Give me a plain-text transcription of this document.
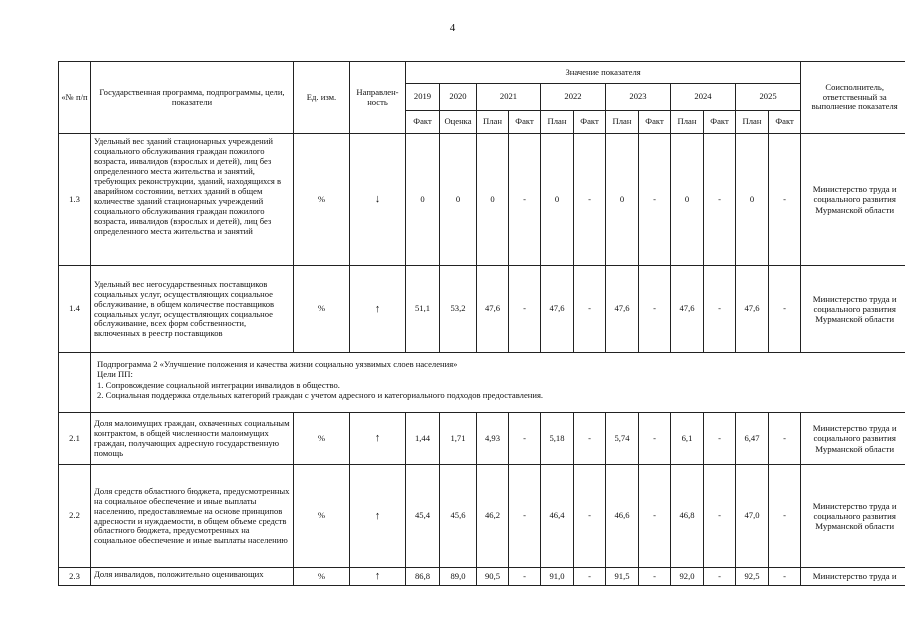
4
«№ п/п	Государственная программа, подпрограммы, цели, показатели	Ед. изм.	Направлен-ность	Значение показателя												Соисполнитель, ответственный за выполнение показателя
				2019	2020	2021		2022		2023		2024		2025		
				Факт	Оценка	План	Факт	План	Факт	План	Факт	План	Факт	План	Факт	
1.3	Удельный вес зданий стационарных учреждений социального обслуживания граждан пожилого возраста, инвалидов (взрослых и детей), лиц без определенного места жительства и занятий, требующих реконструкции, зданий, находящихся в аварийном состоянии, ветхих зданий в общем количестве зданий стационарных учреждений социального обслуживания граждан пожилого возраста, инвалидов (взрослых и детей), лиц без определенного места жительства и занятий	%	↓	0	0	0	-	0	-	0	-	0	-	0	-	Министерство труда и социального развития Мурманской области
1.4	Удельный вес негосударственных поставщиков социальных услуг, осуществляющих социальное обслуживание, в общем количестве поставщиков социальных услуг, осуществляющих социальное обслуживание, всех форм собственности, включенных в реестр поставщиков	%	↑	51,1	53,2	47,6	-	47,6	-	47,6	-	47,6	-	47,6	-	Министерство труда и социального развития Мурманской области

	Подпрограмма 2 «Улучшение положения и качества жизни социально уязвимых слоев населения»
Цели ПП:
1. Сопровождение социальной интеграции инвалидов в общество.
2. Социальная поддержка отдельных категорий граждан с учетом адресного и категориального подходов предоставления.															

2.1	Доля малоимущих граждан, охваченных социальным контрактом, в общей численности малоимущих граждан, получающих адресную государственную помощь	%	↑	1,44	1,71	4,93	-	5,18	-	5,74	-	6,1	-	6,47	-	Министерство труда и социального развития Мурманской области
2.2	Доля средств областного бюджета, предусмотренных на социальное обеспечение и иные выплаты населению, предоставляемые на основе принципов адресности и нуждаемости, в общем объеме средств областного бюджета, предусмотренных на социальное обеспечение и иные выплаты населению	%	↑	45,4	45,6	46,2	-	46,4	-	46,6	-	46,8	-	47,0	-	Министерство труда и социального развития Мурманской области
2.3	Доля инвалидов, положительно оценивающих	%	↑	86,8	89,0	90,5	-	91,0	-	91,5	-	92,0	-	92,5	-	Министерство труда и
